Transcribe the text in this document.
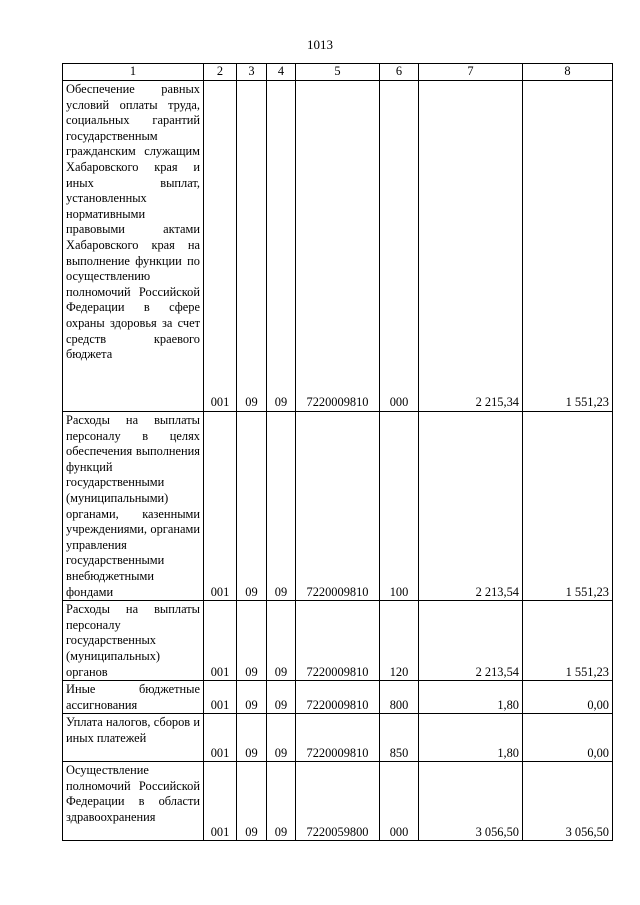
1013
1	2	3	4	5	6	7	8
Обеспечение равных условий оплаты труда, социальных гарантий государственным гражданским служащим Хабаровского края и иных выплат, установленных нормативными правовыми актами Хабаровского края на выполнение функции по осуществлению полномочий Российской Федерации в сфере охраны здоровья за счет средств краевого бюджета	001	09	09	7220009810	000	2 215,34	1 551,23
Расходы на выплаты персоналу в целях обеспечения выполнения функций государственными (муниципальными) органами, казенными учреждениями, органами управления государственными внебюджетными фондами	001	09	09	7220009810	100	2 213,54	1 551,23
Расходы на выплаты персоналу государственных (муниципальных) органов	001	09	09	7220009810	120	2 213,54	1 551,23
Иные бюджетные ассигнования	001	09	09	7220009810	800	1,80	0,00
Уплата налогов, сборов и иных платежей	001	09	09	7220009810	850	1,80	0,00
Осуществление полномочий Российской Федерации в области здравоохранения	001	09	09	7220059800	000	3 056,50	3 056,50
